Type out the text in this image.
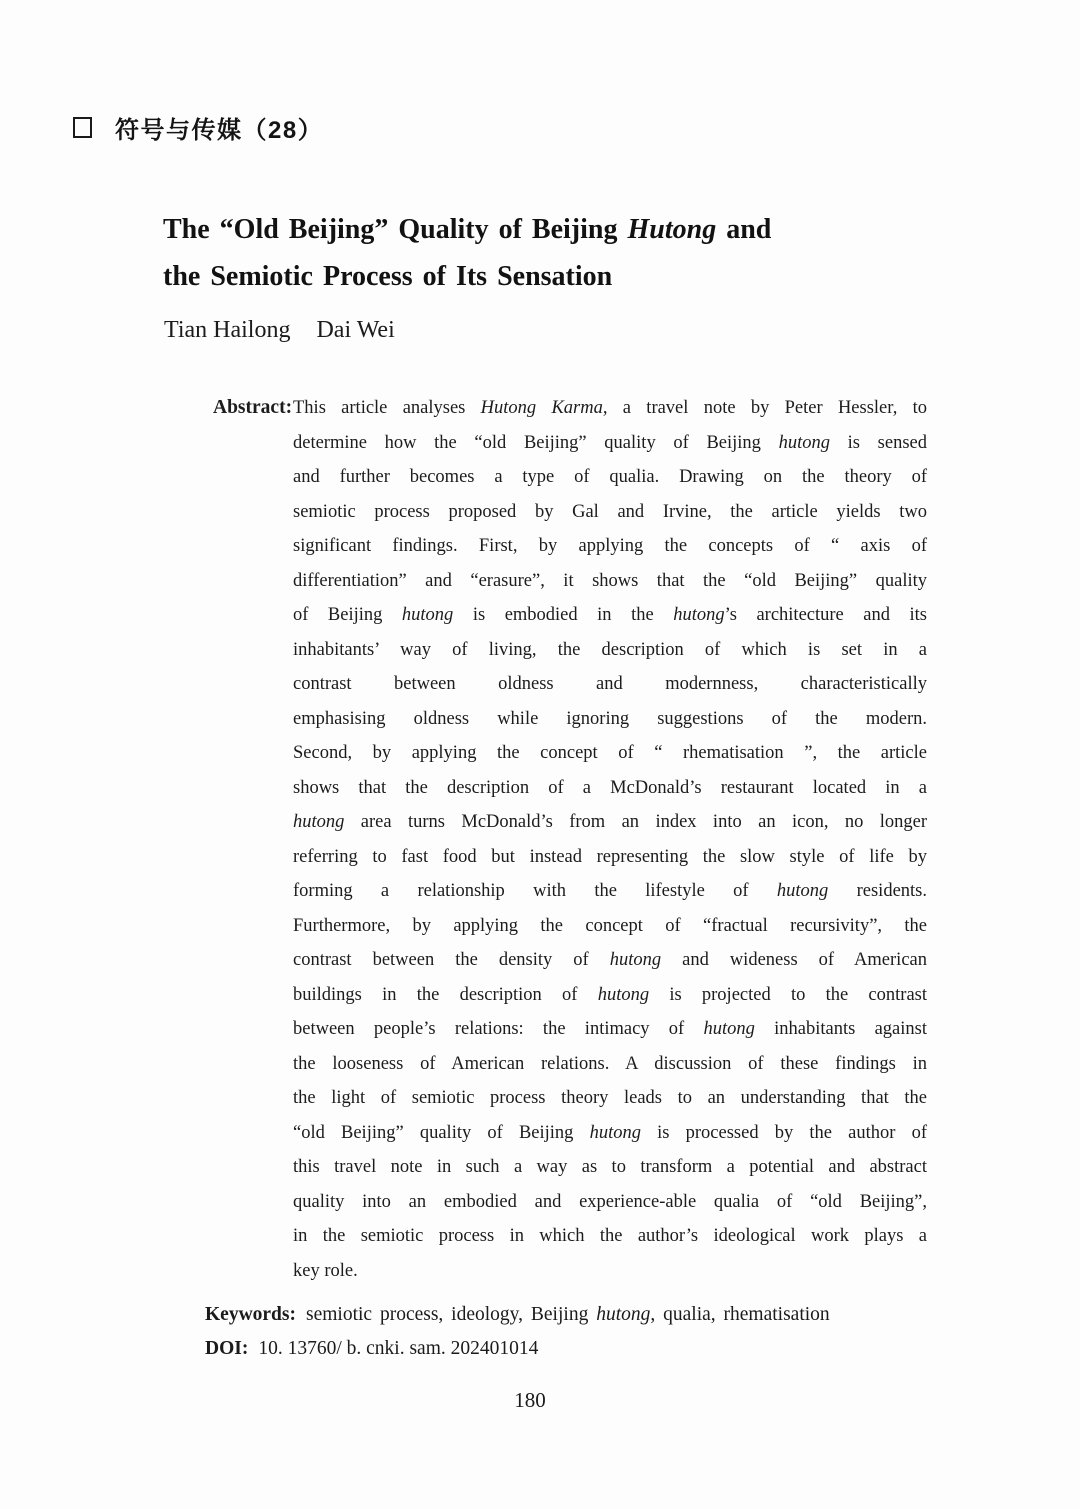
符号与传媒（28）
The “Old Beijing” Quality of Beijing Hutong and
the Semiotic Process of Its Sensation
Tian Hailong Dai Wei
Abstract: This article analyses Hutong Karma, a travel note by Peter Hessler, to
determine how the “old Beijing” quality of Beijing hutong is sensed
and further becomes a type of qualia. Drawing on the theory of
semiotic process proposed by Gal and Irvine, the article yields two
significant findings. First, by applying the concepts of “ axis of
differentiation” and “erasure”, it shows that the “old Beijing” quality
of Beijing hutong is embodied in the hutong’s architecture and its
inhabitants’ way of living, the description of which is set in a
contrast between oldness and modernness, characteristically
emphasising oldness while ignoring suggestions of the modern.
Second, by applying the concept of “ rhematisation ”, the article
shows that the description of a McDonald’s restaurant located in a
hutong area turns McDonald’s from an index into an icon, no longer
referring to fast food but instead representing the slow style of life by
forming a relationship with the lifestyle of hutong residents.
Furthermore, by applying the concept of “fractual recursivity”, the
contrast between the density of hutong and wideness of American
buildings in the description of hutong is projected to the contrast
between people’s relations: the intimacy of hutong inhabitants against
the looseness of American relations. A discussion of these findings in
the light of semiotic process theory leads to an understanding that the
“old Beijing” quality of Beijing hutong is processed by the author of
this travel note in such a way as to transform a potential and abstract
quality into an embodied and experience-able qualia of “old Beijing”,
in the semiotic process in which the author’s ideological work plays a
key role.
Keywords: semiotic process, ideology, Beijing hutong, qualia, rhematisation
DOI: 10. 13760/ b. cnki. sam. 202401014
180
